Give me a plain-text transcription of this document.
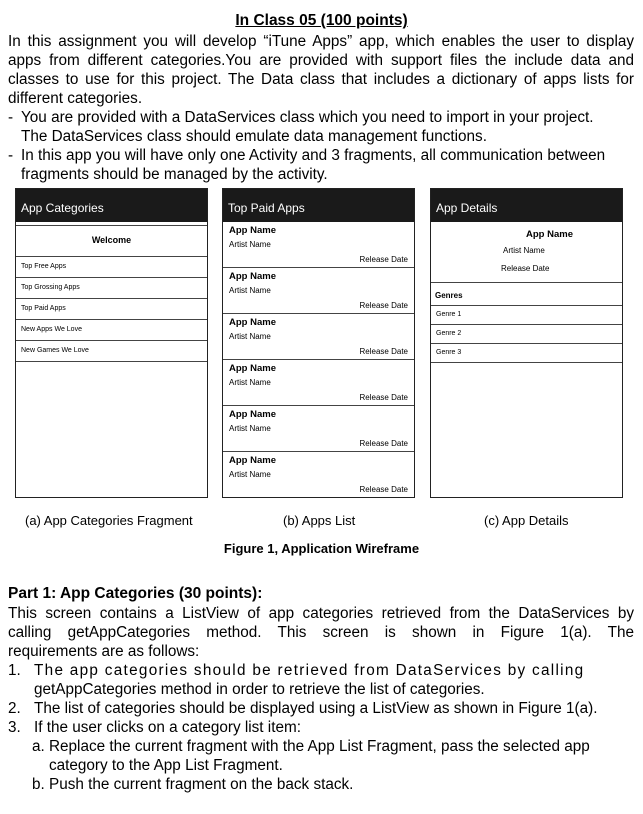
In Class 05 (100 points)
In this assignment you will develop “iTune Apps” app, which enables the user to display
apps from different categories.You are provided with support files the include data and
classes to use for this project. The Data class that includes a dictionary of apps lists for
different categories.
- You are provided with a DataServices class which you need to import in your project.
The DataServices class should emulate data management functions.
- In this app you will have only one Activity and 3 fragments, all communication between
fragments should be managed by the activity.
App Categories
Welcome
Top Free Apps
Top Grossing Apps
Top Paid Apps
New Apps We Love
New Games We Love
Top Paid Apps
App Name
Artist Name
Release Date
App Name
Artist Name
Release Date
App Name
Artist Name
Release Date
App Name
Artist Name
Release Date
App Name
Artist Name
Release Date
App Name
Artist Name
Release Date
App Details
App Name
Artist Name
Release Date
Genres
Genre 1
Genre 2
Genre 3
(a) App Categories Fragment	(b) Apps List	(c) App Details
Figure 1, Application Wireframe
Part 1: App Categories (30 points):
This screen contains a ListView of app categories retrieved from the DataServices by
calling getAppCategories method. This screen is shown in Figure 1(a). The
requirements are as follows:
1. The app categories should be retrieved from DataServices by calling
getAppCategories method in order to retrieve the list of categories.
2. The list of categories should be displayed using a ListView as shown in Figure 1(a).
3. If the user clicks on a category list item:
a. Replace the current fragment with the App List Fragment, pass the selected app
category to the App List Fragment.
b. Push the current fragment on the back stack.
